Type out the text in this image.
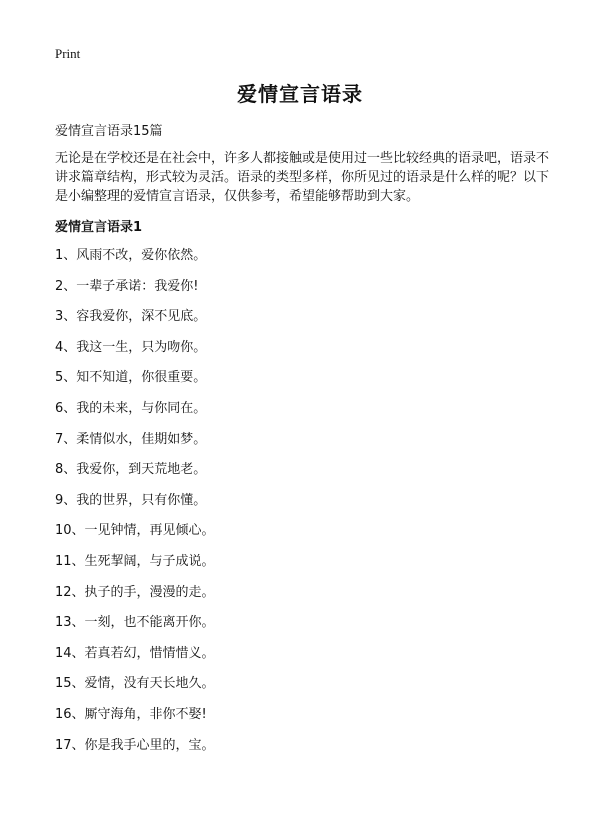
Print
爱情宣言语录

爱情宣言语录15篇

无论是在学校还是在社会中，许多人都接触或是使用过一些比较经典的语录吧，语录不讲求篇章结构，形式较为灵活。语录的类型多样，你所见过的语录是什么样的呢？以下是小编整理的爱情宣言语录，仅供参考，希望能够帮助到大家。

爱情宣言语录1
1、风雨不改，爱你依然。
2、一辈子承诺：我爱你!
3、容我爱你，深不见底。
4、我这一生，只为吻你。
5、知不知道，你很重要。
6、我的未来，与你同在。
7、柔情似水，佳期如梦。
8、我爱你，到天荒地老。
9、我的世界，只有你懂。
10、一见钟情，再见倾心。
11、生死挈阔，与子成说。
12、执子的手，漫漫的走。
13、一刻，也不能离开你。
14、若真若幻，惜情惜义。
15、爱情，没有天长地久。
16、厮守海角，非你不娶!
17、你是我手心里的，宝。
